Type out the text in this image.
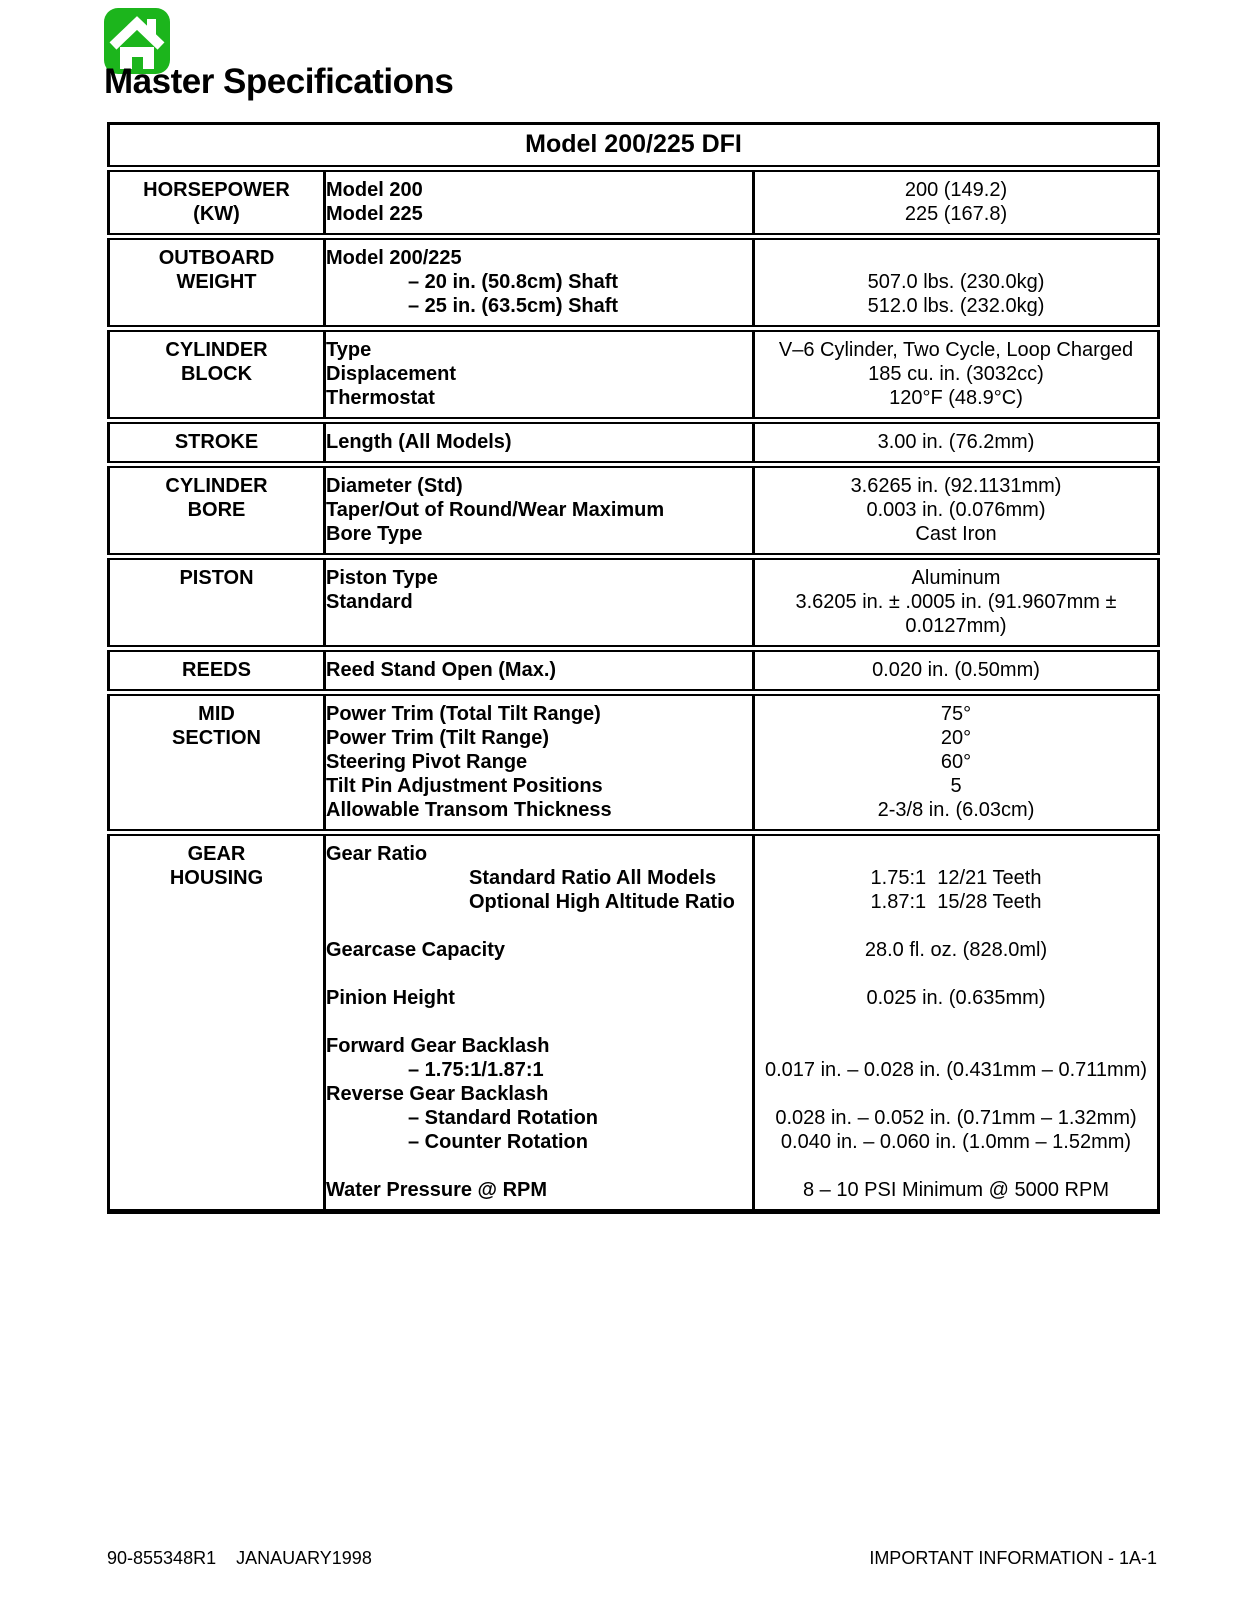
Master Specifications
Model 200/225 DFI		

HORSEPOWER
(KW)	Model 200	200 (149.2)
	Model 225	225 (167.8)

OUTBOARD
WEIGHT	Model 200/225	
	– 20 in. (50.8cm) Shaft	507.0 lbs. (230.0kg)
	– 25 in. (63.5cm) Shaft	512.0 lbs. (232.0kg)

CYLINDER
BLOCK	Type	V–6 Cylinder, Two Cycle, Loop Charged
	Displacement	185 cu. in. (3032cc)
	Thermostat	120°F (48.9°C)

STROKE	Length (All Models)	3.00 in. (76.2mm)

CYLINDER
BORE	Diameter (Std)	3.6265 in. (92.1131mm)
	Taper/Out of Round/Wear Maximum	0.003 in. (0.076mm)
	Bore Type	Cast Iron

PISTON	Piston Type	Aluminum
	Standard	3.6205 in. ± .0005 in. (91.9607mm ± 0.0127mm)

REEDS	Reed Stand Open (Max.)	0.020 in. (0.50mm)

MID
SECTION	Power Trim (Total Tilt Range)	75°
	Power Trim (Tilt Range)	20°
	Steering Pivot Range	60°
	Tilt Pin Adjustment Positions	5
	Allowable Transom Thickness	2-3/8 in. (6.03cm)

GEAR
HOUSING	Gear Ratio	
	Standard Ratio All Models	1.75:1  12/21 Teeth
	Optional High Altitude Ratio	1.87:1  15/28 Teeth

	Gearcase Capacity	28.0 fl. oz. (828.0ml)

	Pinion Height	0.025 in. (0.635mm)

	Forward Gear Backlash	
	– 1.75:1/1.87:1	0.017 in. – 0.028 in. (0.431mm – 0.711mm)
	Reverse Gear Backlash	
	– Standard Rotation	0.028 in. – 0.052 in. (0.71mm – 1.32mm)
	– Counter Rotation	0.040 in. – 0.060 in. (1.0mm – 1.52mm)

	Water Pressure @ RPM	8 – 10 PSI Minimum @ 5000 RPM
90-855348R1    JANAUARY1998	IMPORTANT INFORMATION - 1A-1
